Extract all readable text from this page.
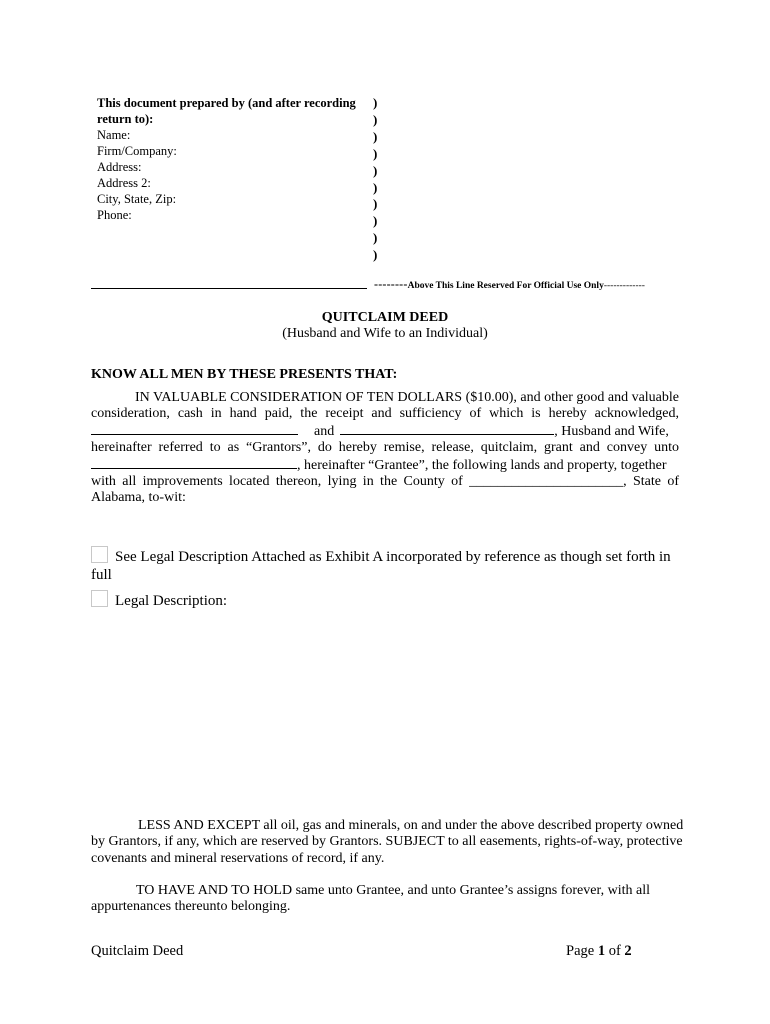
This document prepared by (and after recording
return to):
Name:
Firm/Company:
Address:
Address 2:
City, State, Zip:
Phone:
)
)
)
)
)
)
)
)
)
)
--------Above This Line Reserved For Official Use Only-------------
QUITCLAIM DEED
(Husband and Wife to an Individual)
KNOW ALL MEN BY THESE PRESENTS THAT:
IN VALUABLE CONSIDERATION OF TEN DOLLARS ($10.00), and other good and valuable
consideration, cash in hand paid, the receipt and sufficiency of which is hereby acknowledged,
and	, Husband and Wife,
hereinafter referred to as “Grantors”, do hereby remise, release, quitclaim, grant and convey unto
, hereinafter “Grantee”, the following lands and property, together
with all improvements located thereon, lying in the County of ______________________, State of
Alabama, to-wit:
See Legal Description Attached as Exhibit A incorporated by reference as though set forth in
full
Legal Description:
LESS AND EXCEPT all oil, gas and minerals, on and under the above described property owned
by Grantors, if any, which are reserved by Grantors. SUBJECT to all easements, rights-of-way, protective
covenants and mineral reservations of record, if any.
TO HAVE AND TO HOLD same unto Grantee, and unto Grantee’s assigns forever, with all
appurtenances thereunto belonging.
Quitclaim Deed	Page 1 of 2
